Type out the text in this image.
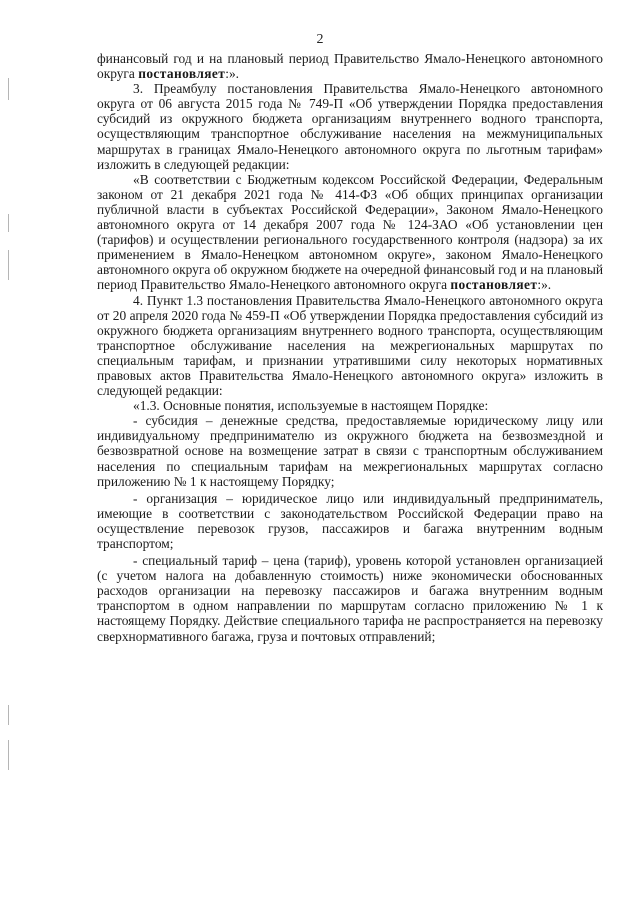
2

финансовый год и на плановый период Правительство Ямало-Ненецкого автономного округа постановляет:».

3. Преамбулу постановления Правительства Ямало-Ненецкого автономного округа от 06 августа 2015 года № 749-П «Об утверждении Порядка предоставления субсидий из окружного бюджета организациям внутреннего водного транспорта, осуществляющим транспортное обслуживание населения на межмуниципальных маршрутах в границах Ямало-Ненецкого автономного округа по льготным тарифам» изложить в следующей редакции:

«В соответствии с Бюджетным кодексом Российской Федерации, Федеральным законом от 21 декабря 2021 года № 414-ФЗ «Об общих принципах организации публичной власти в субъектах Российской Федерации», Законом Ямало-Ненецкого автономного округа от 14 декабря 2007 года № 124-ЗАО «Об установлении цен (тарифов) и осуществлении регионального государственного контроля (надзора) за их применением в Ямало-Ненецком автономном округе», законом Ямало-Ненецкого автономного округа об окружном бюджете на очередной финансовый год и на плановый период Правительство Ямало-Ненецкого автономного округа постановляет:».

4. Пункт 1.3 постановления Правительства Ямало-Ненецкого автономного округа от 20 апреля 2020 года № 459-П «Об утверждении Порядка предоставления субсидий из окружного бюджета организациям внутреннего водного транспорта, осуществляющим транспортное обслуживание населения на межрегиональных маршрутах по специальным тарифам, и признании утратившими силу некоторых нормативных правовых актов Правительства Ямало-Ненецкого автономного округа» изложить в следующей редакции:

«1.3. Основные понятия, используемые в настоящем Порядке:

- субсидия – денежные средства, предоставляемые юридическому лицу или индивидуальному предпринимателю из окружного бюджета на безвозмездной и безвозвратной основе на возмещение затрат в связи с транспортным обслуживанием населения по специальным тарифам на межрегиональных маршрутах согласно приложению № 1 к настоящему Порядку;

- организация – юридическое лицо или индивидуальный предприниматель, имеющие в соответствии с законодательством Российской Федерации право на осуществление перевозок грузов, пассажиров и багажа внутренним водным транспортом;

- специальный тариф – цена (тариф), уровень которой установлен организацией (с учетом налога на добавленную стоимость) ниже экономически обоснованных расходов организации на перевозку пассажиров и багажа внутренним водным транспортом в одном направлении по маршрутам согласно приложению № 1 к настоящему Порядку. Действие специального тарифа не распространяется на перевозку сверхнормативного багажа, груза и почтовых отправлений;
